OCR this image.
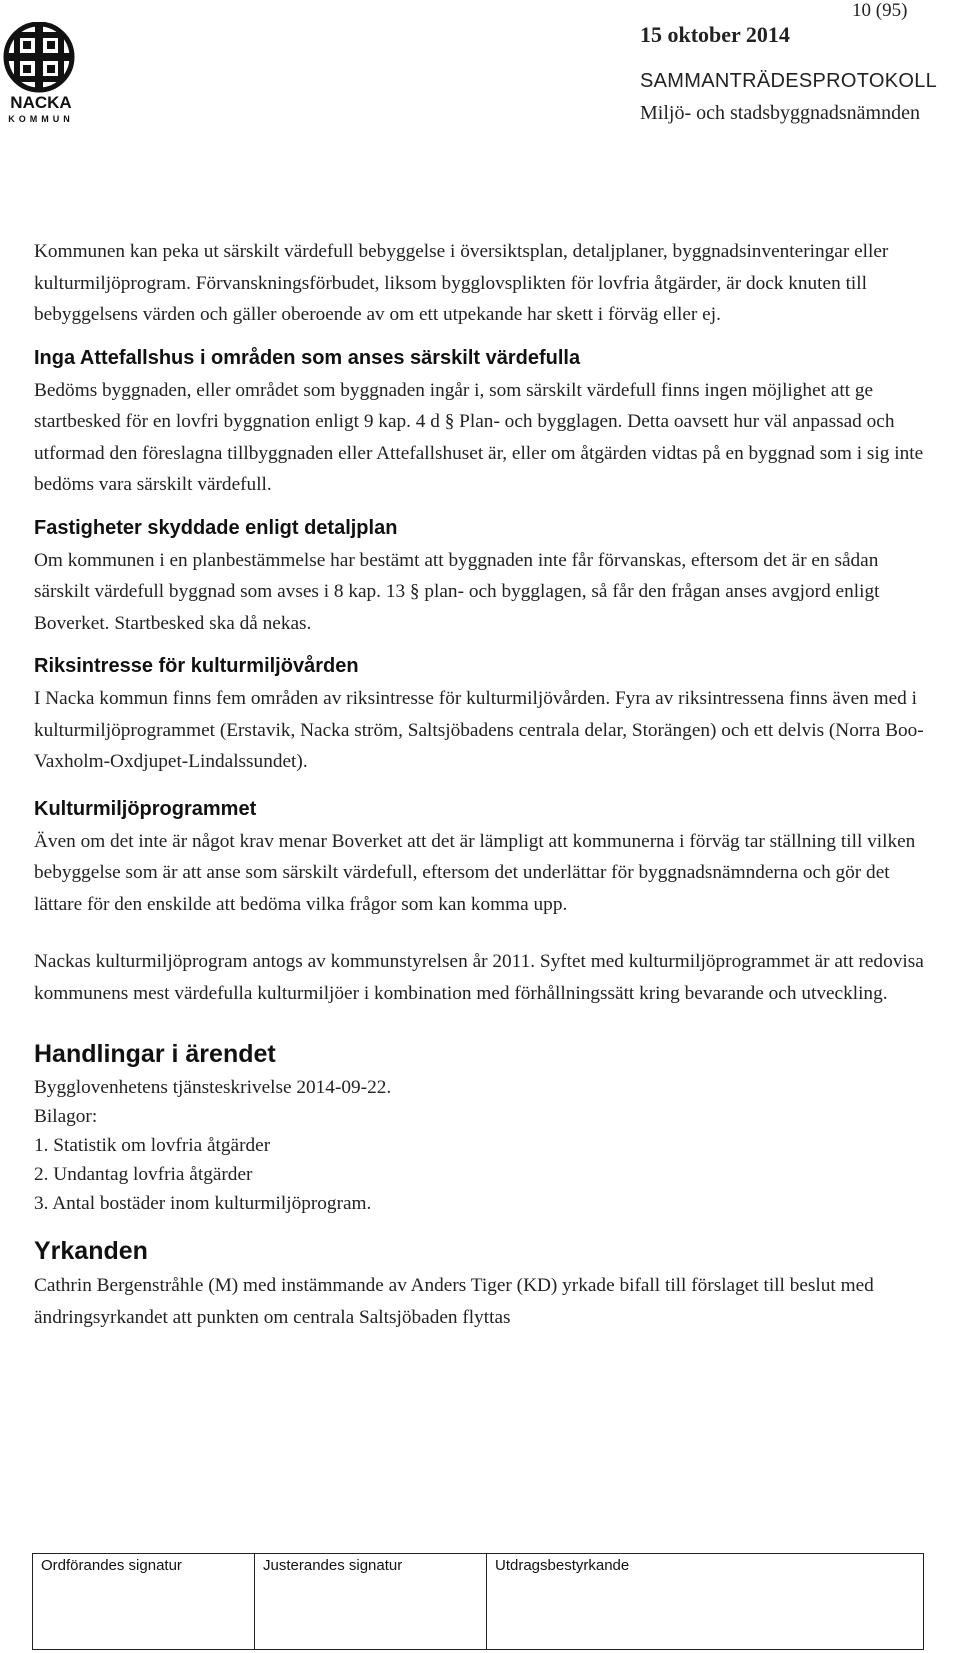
10 (95)
NACKA
KOMMUN
15 oktober 2014
SAMMANTRÄDESPROTOKOLL
Miljö- och stadsbyggnadsnämnden

Kommunen kan peka ut särskilt värdefull bebyggelse i översiktsplan, detaljplaner, byggnadsinventeringar eller kulturmiljöprogram. Förvanskningsförbudet, liksom bygglovsplikten för lovfria åtgärder, är dock knuten till bebyggelsens värden och gäller oberoende av om ett utpekande har skett i förväg eller ej.

Inga Attefallshus i områden som anses särskilt värdefulla

Bedöms byggnaden, eller området som byggnaden ingår i, som särskilt värdefull finns ingen möjlighet att ge startbesked för en lovfri byggnation enligt 9 kap. 4 d § Plan- och bygglagen. Detta oavsett hur väl anpassad och utformad den föreslagna tillbyggnaden eller Attefallshuset är, eller om åtgärden vidtas på en byggnad som i sig inte bedöms vara särskilt värdefull.

Fastigheter skyddade enligt detaljplan

Om kommunen i en planbestämmelse har bestämt att byggnaden inte får förvanskas, eftersom det är en sådan särskilt värdefull byggnad som avses i 8 kap. 13 § plan- och bygglagen, så får den frågan anses avgjord enligt Boverket. Startbesked ska då nekas.

Riksintresse för kulturmiljövården

I Nacka kommun finns fem områden av riksintresse för kulturmiljövården. Fyra av riksintressena finns även med i kulturmiljöprogrammet (Erstavik, Nacka ström, Saltsjöbadens centrala delar, Storängen) och ett delvis (Norra Boo-Vaxholm-Oxdjupet-Lindalssundet).

Kulturmiljöprogrammet

Även om det inte är något krav menar Boverket att det är lämpligt att kommunerna i förväg tar ställning till vilken bebyggelse som är att anse som särskilt värdefull, eftersom det underlättar för byggnadsnämnderna och gör det lättare för den enskilde att bedöma vilka frågor som kan komma upp.

Nackas kulturmiljöprogram antogs av kommunstyrelsen år 2011. Syftet med kulturmiljöprogrammet är att redovisa kommunens mest värdefulla kulturmiljöer i kombination med förhållningssätt kring bevarande och utveckling.

Handlingar i ärendet

Bygglovenhetens tjänsteskrivelse 2014-09-22.

Bilagor:

1. Statistik om lovfria åtgärder

2. Undantag lovfria åtgärder

3. Antal bostäder inom kulturmiljöprogram.

Yrkanden

Cathrin Bergenstråhle (M) med instämmande av Anders Tiger (KD) yrkade bifall till förslaget till beslut med ändringsyrkandet att punkten om centrala Saltsjöbaden flyttas

Ordförandes signatur	Justerandes signatur	Utdragsbestyrkande
